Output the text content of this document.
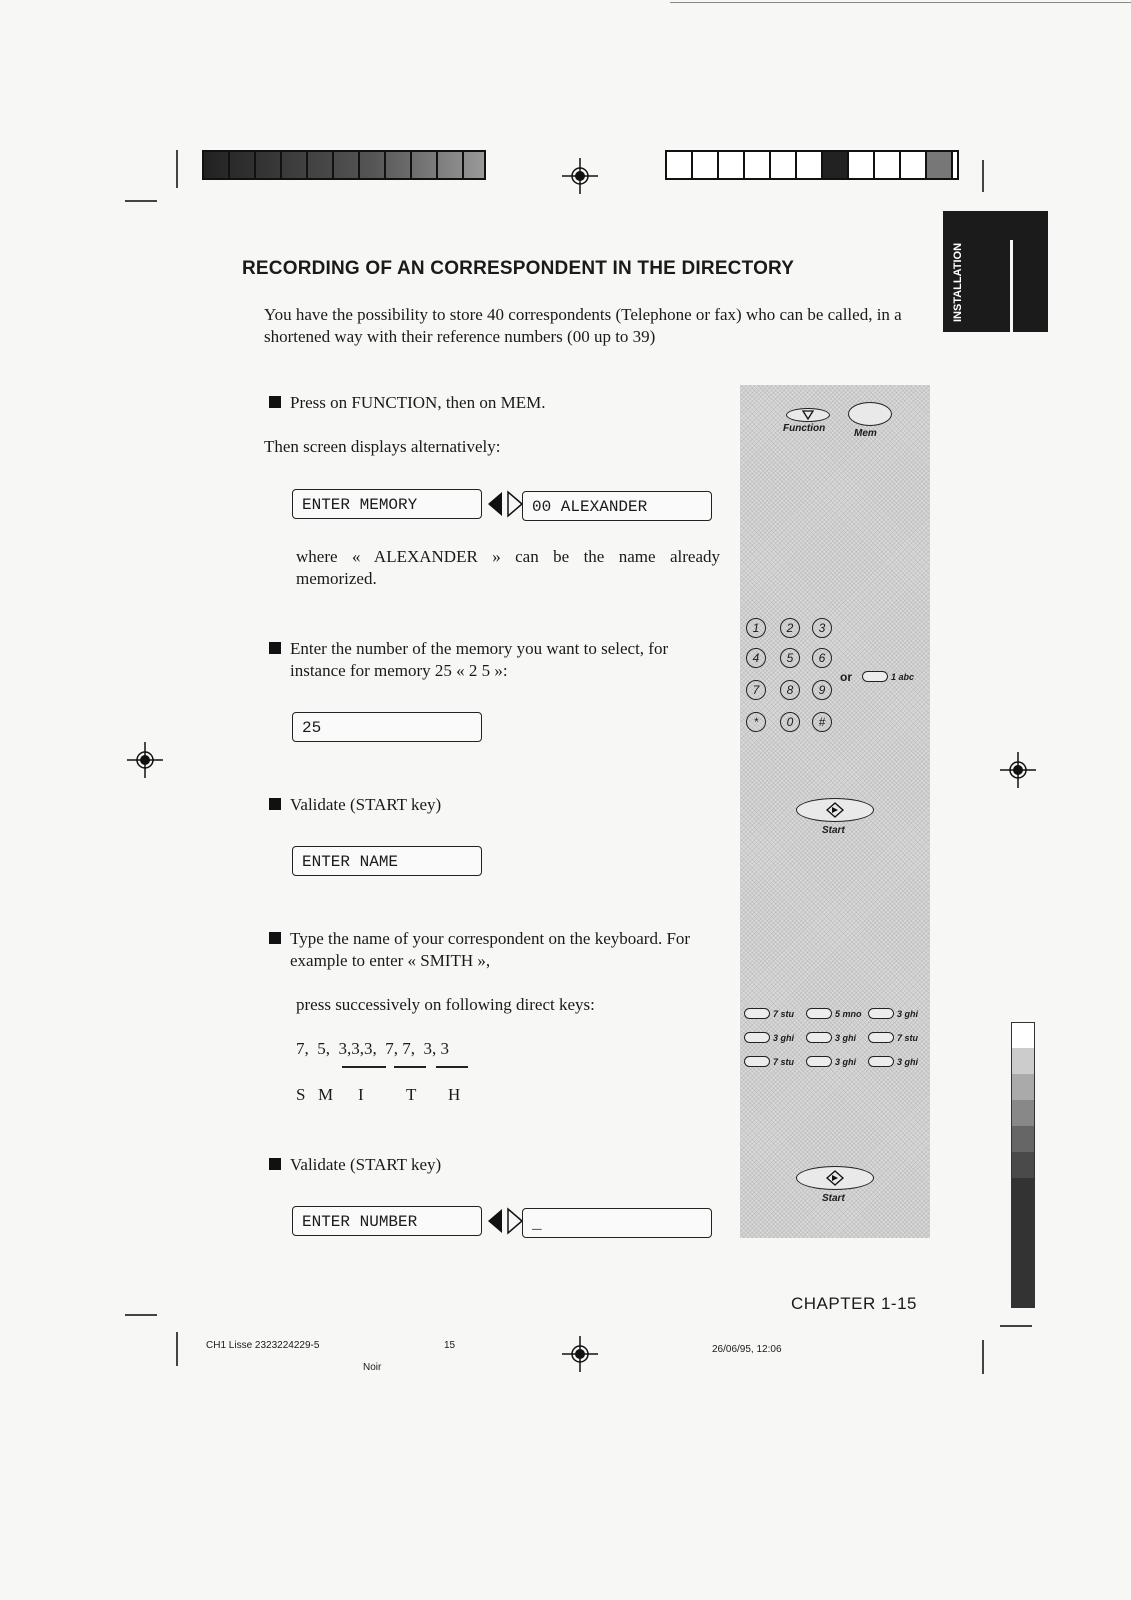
INSTALLATION
RECORDING OF AN CORRESPONDENT IN THE DIRECTORY
You have the possibility to store 40 correspondents (Telephone or fax) who can be called, in a shortened way with their reference numbers (00 up to 39)
Press on FUNCTION, then on MEM.
Then screen displays alternatively:
ENTER MEMORY	00 ALEXANDER
where « ALEXANDER » can be the name already memorized.
Enter the number of the memory you want to select, for instance for memory 25 « 2 5 »:
25
Validate (START key)
ENTER NAME
Type the name of your correspondent on the keyboard. For example to enter « SMITH »,
press successively on following direct keys:
7,  5,  3,3,3,  7, 7,  3, 3
S M I T H
Validate (START key)
ENTER NUMBER	_
Function	Mem
1	2	3
4	5	6
7	8	9
*	0	#
or	1 abc
Start
7 stu	5 mno	3 ghi
3 ghi	3 ghi	7 stu
7 stu	3 ghi	3 ghi
Start
CHAPTER 1-15
CH1 Lisse 2323224229-5	15
Noir
26/06/95, 12:06
